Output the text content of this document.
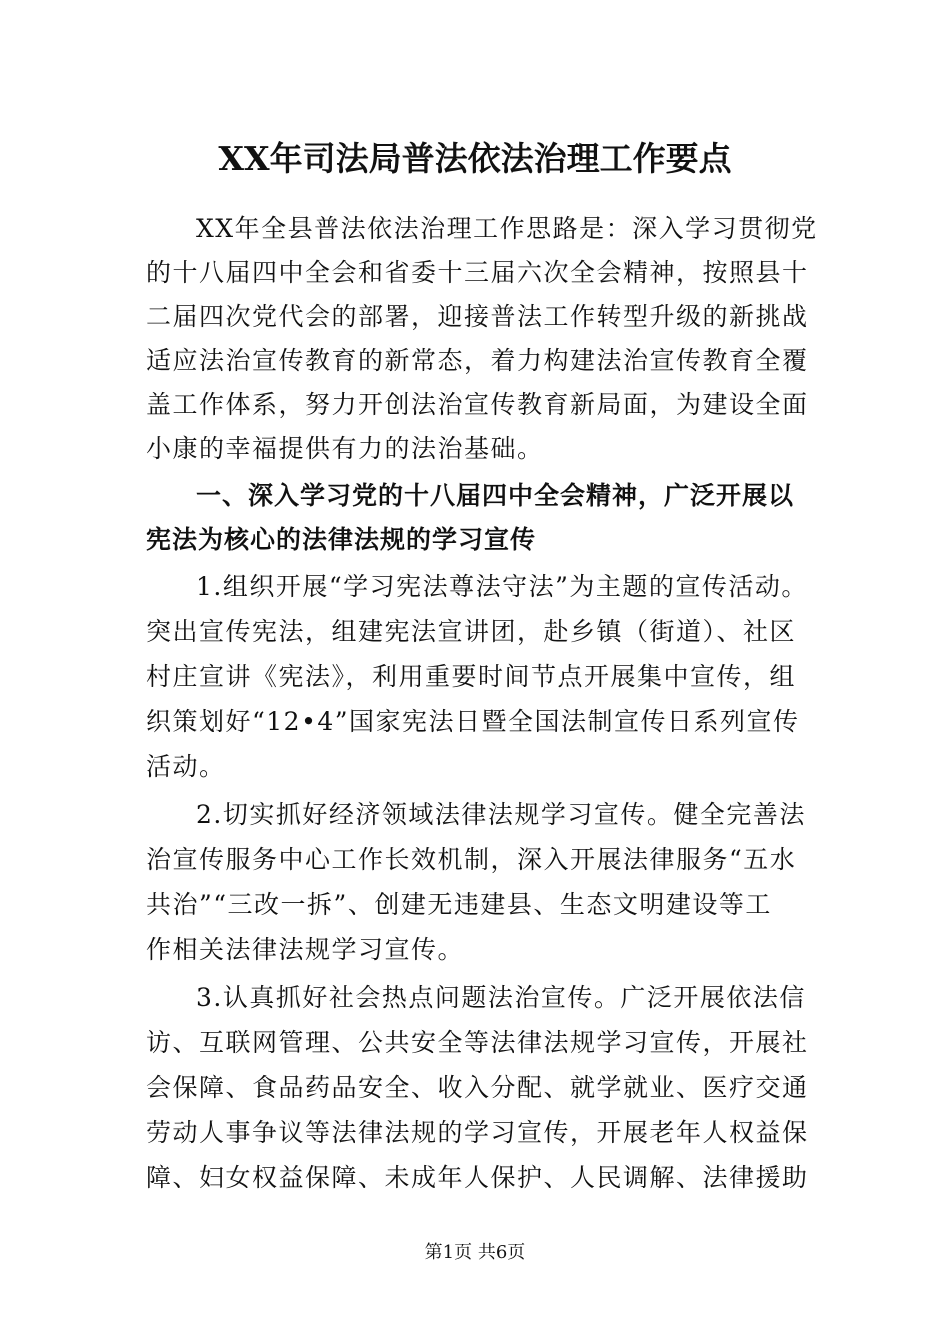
XX年司法局普法依法治理工作要点
XX年全县普法依法治理工作思路是：深入学习贯彻党
的十八届四中全会和省委十三届六次全会精神，按照县十
二届四次党代会的部署，迎接普法工作转型升级的新挑战
适应法治宣传教育的新常态，着力构建法治宣传教育全覆
盖工作体系，努力开创法治宣传教育新局面，为建设全面
小康的幸福提供有力的法治基础。
一、深入学习党的十八届四中全会精神，广泛开展以
宪法为核心的法律法规的学习宣传
1.组织开展“学习宪法尊法守法”为主题的宣传活动。
突出宣传宪法，组建宪法宣讲团，赴乡镇（街道）、社区
村庄宣讲《宪法》，利用重要时间节点开展集中宣传，组
织策划好“12•4”国家宪法日暨全国法制宣传日系列宣传
活动。
2.切实抓好经济领域法律法规学习宣传。健全完善法
治宣传服务中心工作长效机制，深入开展法律服务“五水
共治”“三改一拆”、创建无违建县、生态文明建设等工
作相关法律法规学习宣传。
3.认真抓好社会热点问题法治宣传。广泛开展依法信
访、互联网管理、公共安全等法律法规学习宣传，开展社
会保障、食品药品安全、收入分配、就学就业、医疗交通
劳动人事争议等法律法规的学习宣传，开展老年人权益保
障、妇女权益保障、未成年人保护、人民调解、法律援助
第1页 共6页
